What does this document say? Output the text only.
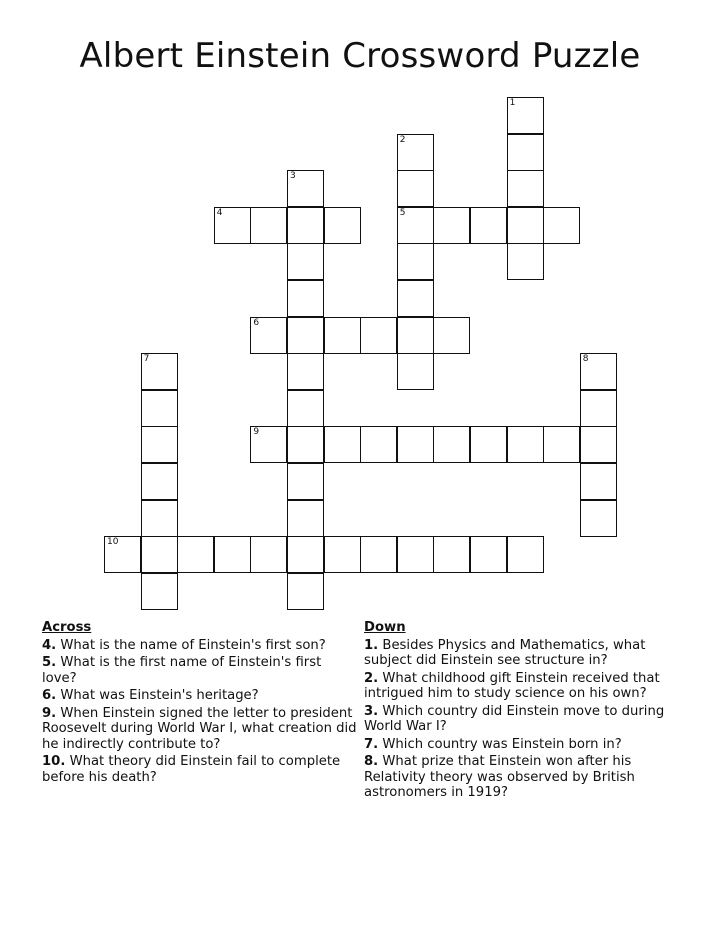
Albert Einstein Crossword Puzzle
1
2
5
3
4
6
7	8
9
10
Across
4. What is the name of Einstein's first son?
5. What is the first name of Einstein's first love?
6. What was Einstein's heritage?
9. When Einstein signed the letter to president Roosevelt during World War I, what creation did he indirectly contribute to?
10. What theory did Einstein fail to complete before his death?
Down
1. Besides Physics and Mathematics, what subject did Einstein see structure in?
2. What childhood gift Einstein received that intrigued him to study science on his own?
3. Which country did Einstein move to during World War I?
7. Which country was Einstein born in?
8. What prize that Einstein won after his Relativity theory was observed by British astronomers in 1919?
